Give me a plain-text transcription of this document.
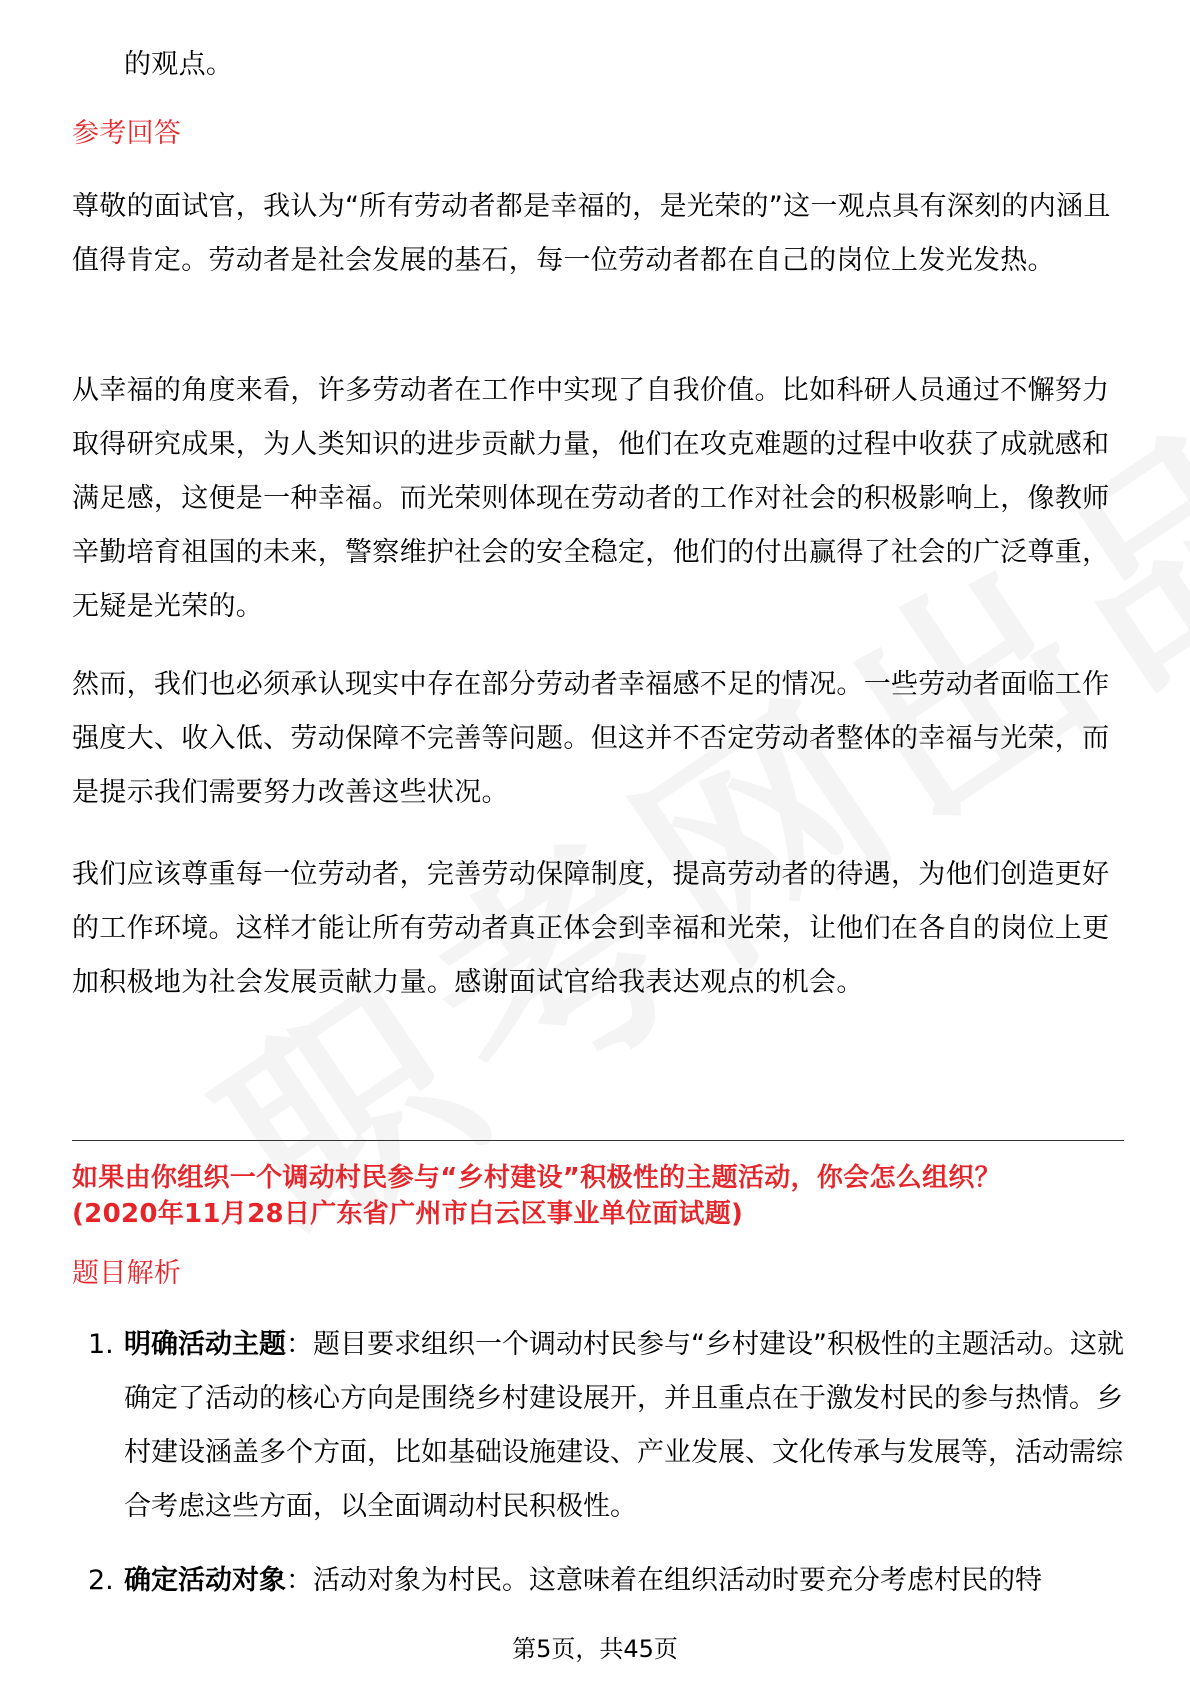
的观点。
参考回答
尊敬的面试官，我认为“所有劳动者都是幸福的，是光荣的”这一观点具有深刻的内涵且值得肯定。劳动者是社会发展的基石，每一位劳动者都在自己的岗位上发光发热。
从幸福的角度来看，许多劳动者在工作中实现了自我价值。比如科研人员通过不懈努力取得研究成果，为人类知识的进步贡献力量，他们在攻克难题的过程中收获了成就感和满足感，这便是一种幸福。而光荣则体现在劳动者的工作对社会的积极影响上，像教师辛勤培育祖国的未来，警察维护社会的安全稳定，他们的付出赢得了社会的广泛尊重，无疑是光荣的。
然而，我们也必须承认现实中存在部分劳动者幸福感不足的情况。一些劳动者面临工作强度大、收入低、劳动保障不完善等问题。但这并不否定劳动者整体的幸福与光荣，而是提示我们需要努力改善这些状况。
我们应该尊重每一位劳动者，完善劳动保障制度，提高劳动者的待遇，为他们创造更好的工作环境。这样才能让所有劳动者真正体会到幸福和光荣，让他们在各自的岗位上更加积极地为社会发展贡献力量。感谢面试官给我表达观点的机会。
如果由你组织一个调动村民参与“乡村建设”积极性的主题活动，你会怎么组织？
(2020年11月28日广东省广州市白云区事业单位面试题)
题目解析
1. 明确活动主题：题目要求组织一个调动村民参与“乡村建设”积极性的主题活动。这就确定了活动的核心方向是围绕乡村建设展开，并且重点在于激发村民的参与热情。乡村建设涵盖多个方面，比如基础设施建设、产业发展、文化传承与发展等，活动需综合考虑这些方面，以全面调动村民积极性。
2. 确定活动对象：活动对象为村民。这意味着在组织活动时要充分考虑村民的特
第5页，共45页
